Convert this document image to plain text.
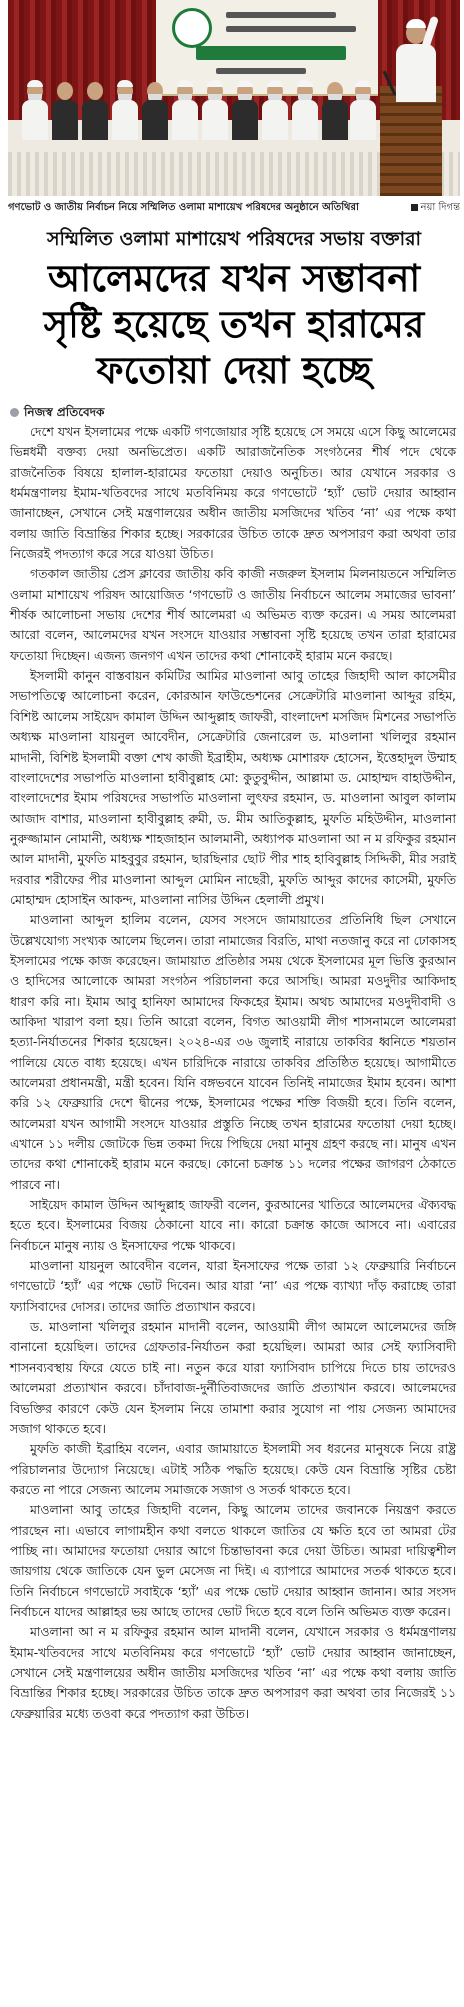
গণভোট ও জাতীয় নির্বাচন নিয়ে সম্মিলিত ওলামা মাশায়েখ পরিষদের অনুষ্ঠানে অতিথিরা	নয়া দিগন্ত
সম্মিলিত ওলামা মাশায়েখ পরিষদের সভায় বক্তারা
আলেমদের যখন সম্ভাবনা
সৃষ্টি হয়েছে তখন হারামের
ফতোয়া দেয়া হচ্ছে
নিজস্ব প্রতিবেদক

দেশে যখন ইসলামের পক্ষে একটি গণজোয়ার সৃষ্টি হয়েছে সে সময়ে এসে কিছু আলেমের ভিন্নধর্মী বক্তব্য দেয়া অনভিপ্রেত। একটি আরাজনৈতিক সংগঠনের শীর্ষ পদে থেকে রাজনৈতিক বিষয়ে হালাল-হারামের ফতোয়া দেয়াও অনুচিত। আর যেখানে সরকার ও ধর্মমন্ত্রণালয় ইমাম-খতিবদের সাথে মতবিনিময় করে গণভোটে ‘হ্যাঁ’ ভোট দেয়ার আহ্বান জানাচ্ছেন, সেখানে সেই মন্ত্রণালয়ের অধীন জাতীয় মসজিদের খতিব ‘না’ এর পক্ষে কথা বলায় জাতি বিভ্রান্তির শিকার হচ্ছে। সরকারের উচিত তাকে দ্রুত অপসারণ করা অথবা তার নিজেরই পদত্যাগ করে সরে যাওয়া উচিত।

গতকাল জাতীয় প্রেস ক্লাবের জাতীয় কবি কাজী নজরুল ইসলাম মিলনায়তনে সম্মিলিত ওলামা মাশায়েখ পরিষদ আয়োজিত ‘গণভোট ও জাতীয় নির্বাচনে আলেম সমাজের ভাবনা’ শীর্ষক আলোচনা সভায় দেশের শীর্ষ আলেমরা এ অভিমত ব্যক্ত করেন। এ সময় আলেমরা আরো বলেন, আলেমদের যখন সংসদে যাওয়ার সম্ভাবনা সৃষ্টি হয়েছে তখন তারা হারামের ফতোয়া দিচ্ছেন। এজন্য জনগণ এখন তাদের কথা শোনাকেই হারাম মনে করছে।

ইসলামী কানুন বাস্তবায়ন কমিটির আমির মাওলানা আবু তাহের জিহাদী আল কাসেমীর সভাপতিত্বে আলোচনা করেন, কোরআন ফাউন্ডেশনের সেক্রেটারি মাওলানা আব্দুর রহিম, বিশিষ্ট আলেম সাইয়েদ কামাল উদ্দিন আব্দুল্লাহ জাফরী, বাংলাদেশ মসজিদ মিশনের সভাপতি অধ্যক্ষ মাওলানা যায়নুল আবেদীন, সেক্রেটারি জেনারেল ড. মাওলানা খলিলুর রহমান মাদানী, বিশিষ্ট ইসলামী বক্তা শেখ কাজী ইব্রাহীম, অধ্যক্ষ মোশারফ হোসেন, ইত্তেহাদুল উম্মাহ বাংলাদেশের সভাপতি মাওলানা হাবীবুল্লাহ মো: কুতুবুদ্দীন, আল্লামা ড. মোহাম্মদ বাহাউদ্দীন, বাংলাদেশের ইমাম পরিষদের সভাপতি মাওলানা লুৎফর রহমান, ড. মাওলানা আবুল কালাম আজাদ বাশার, মাওলানা হাবীবুল্লাহ রুমী, ড. মীম আতিকুল্লাহ, মুফতি মহিউদ্দীন, মাওলানা নুরুজ্জামান নোমানী, অধ্যক্ষ শাহজাহান আলমানী, অধ্যাপক মাওলানা আ ন ম রফিকুর রহমান আল মাদানী, মুফতি মাহবুবুর রহমান, ছারছিনার ছোট পীর শাহ হাবিবুল্লাহ সিদ্দিকী, মীর সরাই দরবার শরীফের পীর মাওলানা আব্দুল মোমিন নাছেরী, মুফতি আব্দুর কাদের কাসেমী, মুফতি মোহাম্মদ হোসাইন আকন্দ, মাওলানা নাসির উদ্দিন হেলালী প্রমুখ।

মাওলানা আব্দুল হালিম বলেন, যেসব সংসদে জামায়াতের প্রতিনিধি ছিল সেখানে উল্লেখযোগ্য সংখ্যক আলেম ছিলেন। তারা নামাজের বিরতি, মাথা নতজানু করে না ঢোকাসহ ইসলামের পক্ষে কাজ করেছেন। জামায়াত প্রতিষ্ঠার সময় থেকে ইসলামের মূল ভিত্তি কুরআন ও হাদিসের আলোকে আমরা সংগঠন পরিচালনা করে আসছি। আমরা মওদুদীর আকিদাহ ধারণ করি না। ইমাম আবু হানিফা আমাদের ফিকহের ইমাম। অথচ আমাদের মওদুদীবাদী ও আকিদা খারাপ বলা হয়। তিনি আরো বলেন, বিগত আওয়ামী লীগ শাসনামলে আলেমরা হত্যা-নির্যাতনের শিকার হয়েছেন। ২০২৪-এর ৩৬ জুলাই নারায়ে তাকবির ধ্বনিতে শয়তান পালিয়ে যেতে বাধ্য হয়েছে। এখন চারিদিকে নারায়ে তাকবির প্রতিষ্ঠিত হয়েছে। আগামীতে আলেমরা প্রধানমন্ত্রী, মন্ত্রী হবেন। যিনি বঙ্গভবনে যাবেন তিনিই নামাজের ইমাম হবেন। আশা করি ১২ ফেব্রুয়ারি দেশে দ্বীনের পক্ষে, ইসলামের পক্ষের শক্তি বিজয়ী হবে। তিনি বলেন, আলেমরা যখন আগামী সংসদে যাওয়ার প্রস্তুতি নিচ্ছে তখন হারামের ফতোয়া দেয়া হচ্ছে। এখানে ১১ দলীয় জোটকে ভিন্ন তকমা দিয়ে পিছিয়ে দেয়া মানুষ গ্রহণ করছে না। মানুষ এখন তাদের কথা শোনাকেই হারাম মনে করছে। কোনো চক্রান্ত ১১ দলের পক্ষের জাগরণ ঠেকাতে পারবে না।

সাইয়েদ কামাল উদ্দিন আব্দুল্লাহ জাফরী বলেন, কুরআনের খাতিরে আলেমদের ঐক্যবদ্ধ হতে হবে। ইসলামের বিজয় ঠেকানো যাবে না। কারো চক্রান্ত কাজে আসবে না। এবারের নির্বাচনে মানুষ ন্যায় ও ইনসাফের পক্ষে থাকবে।

মাওলানা যায়নুল আবেদীন বলেন, যারা ইনসাফের পক্ষে তারা ১২ ফেব্রুয়ারি নির্বাচনে গণভোটে ‘হ্যাঁ’ এর পক্ষে ভোট দিবেন। আর যারা ‘না’ এর পক্ষে ব্যাখ্যা দাঁড় করাচ্ছে তারা ফ্যাসিবাদের দোসর। তাদের জাতি প্রত্যাখান করবে।

ড. মাওলানা খলিলুর রহমান মাদানী বলেন, আওয়ামী লীগ আমলে আলেমদের জঙ্গি বানানো হয়েছিল। তাদের গ্রেফতার-নির্যাতন করা হয়েছিল। আমরা আর সেই ফ্যাসিবাদী শাসনব্যবস্থায় ফিরে যেতে চাই না। নতুন করে যারা ফ্যাসিবাদ চাপিয়ে দিতে চায় তাদেরও আলেমরা প্রত্যাখান করবে। চাঁদাবাজ-দুর্নীতিবাজদের জাতি প্রত্যাখান করবে। আলেমদের বিভক্তির কারণে কেউ যেন ইসলাম নিয়ে তামাশা করার সুযোগ না পায় সেজন্য আমাদের সজাগ থাকতে হবে।

মুফতি কাজী ইব্রাহিম বলেন, এবার জামায়াতে ইসলামী সব ধরনের মানুষকে নিয়ে রাষ্ট্র পরিচালনার উদ্যোগ নিয়েছে। এটাই সঠিক পদ্ধতি হয়েছে। কেউ যেন বিভ্রান্তি সৃষ্টির চেষ্টা করতে না পারে সেজন্য আলেম সমাজকে সজাগ ও সতর্ক থাকতে হবে।

মাওলানা আবু তাহের জিহাদী বলেন, কিছু আলেম তাদের জবানকে নিয়ন্ত্রণ করতে পারছেন না। এভাবে লাগামহীন কথা বলতে থাকলে জাতির যে ক্ষতি হবে তা আমরা টের পাচ্ছি না। আমাদের ফতোয়া দেয়ার আগে চিন্তাভাবনা করে দেয়া উচিত। আমরা দায়িত্বশীল জায়গায় থেকে জাতিকে যেন ভুল মেসেজ না দিই। এ ব্যাপারে আমাদের সতর্ক থাকতে হবে। তিনি নির্বাচনে গণভোটে সবাইকে ‘হ্যাঁ’ এর পক্ষে ভোট দেয়ার আহ্বান জানান। আর সংসদ নির্বাচনে যাদের আল্লাহর ভয় আছে তাদের ভোট দিতে হবে বলে তিনি অভিমত ব্যক্ত করেন।

মাওলানা আ ন ম রফিকুর রহমান আল মাদানী বলেন, যেখানে সরকার ও ধর্মমন্ত্রণালয় ইমাম-খতিবদের সাথে মতবিনিময় করে গণভোটে ‘হ্যাঁ’ ভোট দেয়ার আহ্বান জানাচ্ছেন, সেখানে সেই মন্ত্রণালয়ের অধীন জাতীয় মসজিদের খতিব ‘না’ এর পক্ষে কথা বলায় জাতি বিভ্রান্তির শিকার হচ্ছে। সরকারের উচিত তাকে দ্রুত অপসারণ করা অথবা তার নিজেরই ১১ ফেব্রুয়ারির মধ্যে তওবা করে পদত্যাগ করা উচিত।
